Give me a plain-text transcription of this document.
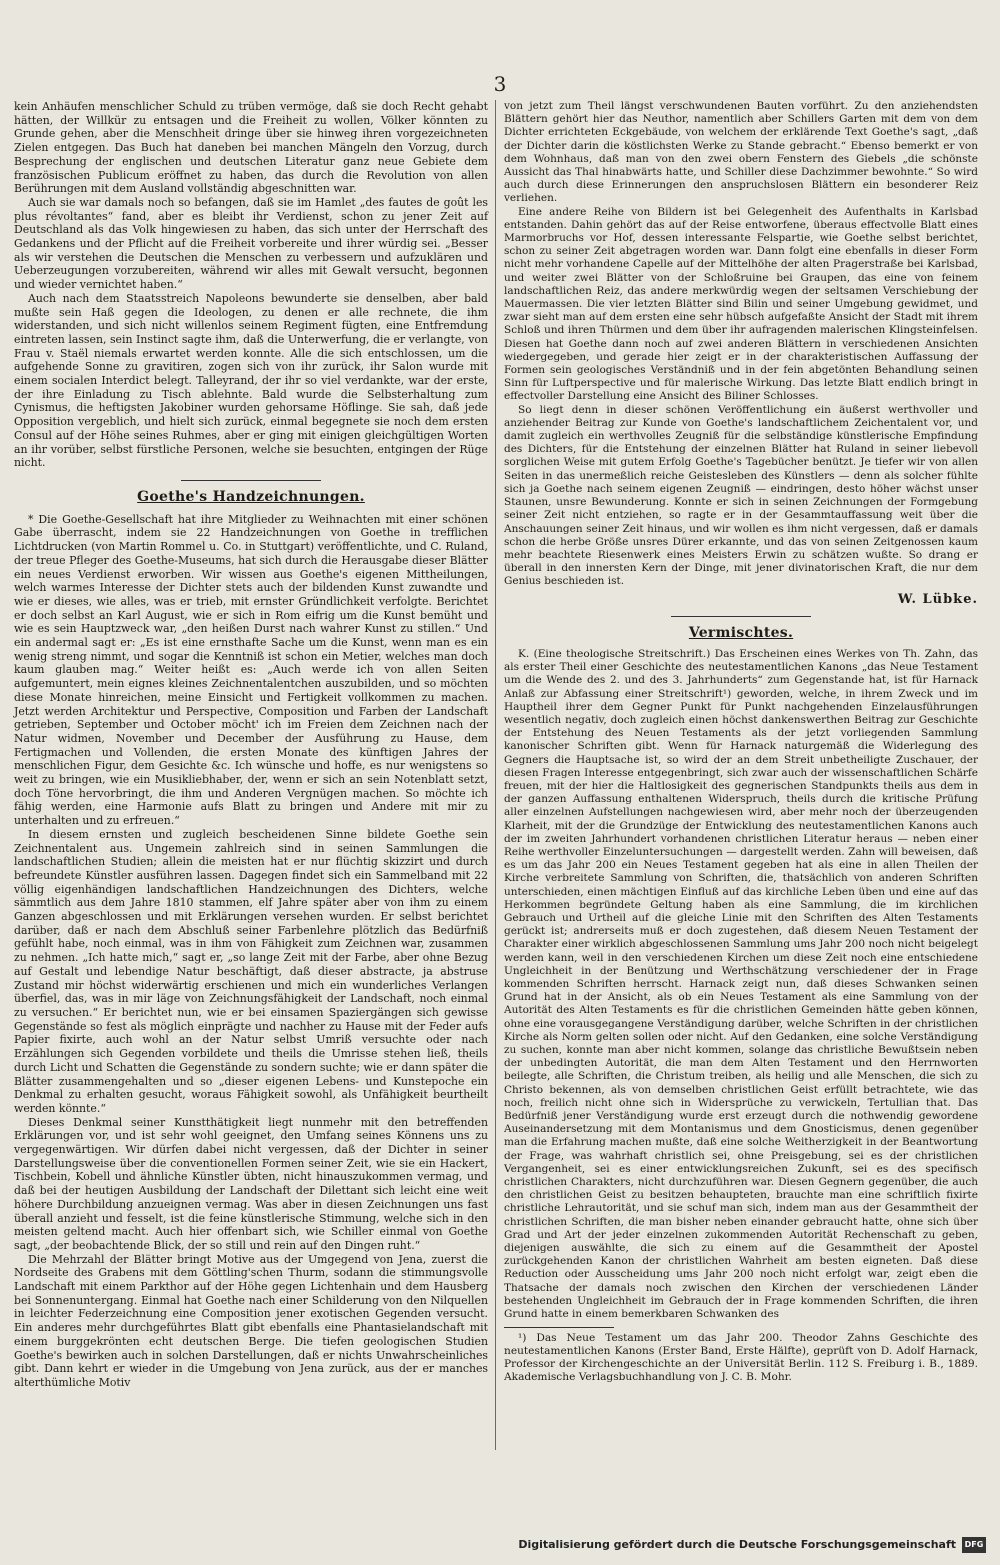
3

kein Anhäufen menschlicher Schuld zu trüben vermöge, daß sie doch Recht gehabt hätten, der Willkür zu entsagen und die Freiheit zu wollen, Völker könnten zu Grunde gehen, aber die Menschheit dringe über sie hinweg ihren vorgezeichneten Zielen entgegen. Das Buch hat daneben bei manchen Mängeln den Vorzug, durch Besprechung der englischen und deutschen Literatur ganz neue Gebiete dem französischen Publicum eröffnet zu haben, das durch die Revolution von allen Berührungen mit dem Ausland vollständig abgeschnitten war.

Auch sie war damals noch so befangen, daß sie im Hamlet „des fautes de goût les plus révoltantes“ fand, aber es bleibt ihr Verdienst, schon zu jener Zeit auf Deutschland als das Volk hingewiesen zu haben, das sich unter der Herrschaft des Gedankens und der Pflicht auf die Freiheit vorbereite und ihrer würdig sei. „Besser als wir verstehen die Deutschen die Menschen zu verbessern und aufzuklären und Ueberzeugungen vorzubereiten, während wir alles mit Gewalt versucht, begonnen und wieder vernichtet haben.“

Auch nach dem Staatsstreich Napoleons bewunderte sie denselben, aber bald mußte sein Haß gegen die Ideologen, zu denen er alle rechnete, die ihm widerstanden, und sich nicht willenlos seinem Regiment fügten, eine Entfremdung eintreten lassen, sein Instinct sagte ihm, daß die Unterwerfung, die er verlangte, von Frau v. Staël niemals erwartet werden konnte. Alle die sich entschlossen, um die aufgehende Sonne zu gravitiren, zogen sich von ihr zurück, ihr Salon wurde mit einem socialen Interdict belegt. Talleyrand, der ihr so viel verdankte, war der erste, der ihre Einladung zu Tisch ablehnte. Bald wurde die Selbsterhaltung zum Cynismus, die heftigsten Jakobiner wurden gehorsame Höflinge. Sie sah, daß jede Opposition vergeblich, und hielt sich zurück, einmal begegnete sie noch dem ersten Consul auf der Höhe seines Ruhmes, aber er ging mit einigen gleichgültigen Worten an ihr vorüber, selbst fürstliche Personen, welche sie besuchten, entgingen der Rüge nicht.

Goethe's Handzeichnungen.

* Die Goethe-Gesellschaft hat ihre Mitglieder zu Weihnachten mit einer schönen Gabe überrascht, indem sie 22 Handzeichnungen von Goethe in trefflichen Lichtdrucken (von Martin Rommel u. Co. in Stuttgart) veröffentlichte, und C. Ruland, der treue Pfleger des Goethe-Museums, hat sich durch die Herausgabe dieser Blätter ein neues Verdienst erworben. Wir wissen aus Goethe's eigenen Mittheilungen, welch warmes Interesse der Dichter stets auch der bildenden Kunst zuwandte und wie er dieses, wie alles, was er trieb, mit ernster Gründlichkeit verfolgte. Berichtet er doch selbst an Karl August, wie er sich in Rom eifrig um die Kunst bemüht und wie es sein Hauptzweck war, „den heißen Durst nach wahrer Kunst zu stillen.“ Und ein andermal sagt er: „Es ist eine ernsthafte Sache um die Kunst, wenn man es ein wenig streng nimmt, und sogar die Kenntniß ist schon ein Metier, welches man doch kaum glauben mag.“ Weiter heißt es: „Auch werde ich von allen Seiten aufgemuntert, mein eignes kleines Zeichnentalentchen auszubilden, und so möchten diese Monate hinreichen, meine Einsicht und Fertigkeit vollkommen zu machen. Jetzt werden Architektur und Perspective, Composition und Farben der Landschaft getrieben, September und October möcht' ich im Freien dem Zeichnen nach der Natur widmen, November und December der Ausführung zu Hause, dem Fertigmachen und Vollenden, die ersten Monate des künftigen Jahres der menschlichen Figur, dem Gesichte &c. Ich wünsche und hoffe, es nur wenigstens so weit zu bringen, wie ein Musikliebhaber, der, wenn er sich an sein Notenblatt setzt, doch Töne hervorbringt, die ihm und Anderen Vergnügen machen. So möchte ich fähig werden, eine Harmonie aufs Blatt zu bringen und Andere mit mir zu unterhalten und zu erfreuen.“

In diesem ernsten und zugleich bescheidenen Sinne bildete Goethe sein Zeichnentalent aus. Ungemein zahlreich sind in seinen Sammlungen die landschaftlichen Studien; allein die meisten hat er nur flüchtig skizzirt und durch befreundete Künstler ausführen lassen. Dagegen findet sich ein Sammelband mit 22 völlig eigenhändigen landschaftlichen Handzeichnungen des Dichters, welche sämmtlich aus dem Jahre 1810 stammen, elf Jahre später aber von ihm zu einem Ganzen abgeschlossen und mit Erklärungen versehen wurden. Er selbst berichtet darüber, daß er nach dem Abschluß seiner Farbenlehre plötzlich das Bedürfniß gefühlt habe, noch einmal, was in ihm von Fähigkeit zum Zeichnen war, zusammen zu nehmen. „Ich hatte mich,“ sagt er, „so lange Zeit mit der Farbe, aber ohne Bezug auf Gestalt und lebendige Natur beschäftigt, daß dieser abstracte, ja abstruse Zustand mir höchst widerwärtig erschienen und mich ein wunderliches Verlangen überfiel, das, was in mir läge von Zeichnungsfähigkeit der Landschaft, noch einmal zu versuchen.“ Er berichtet nun, wie er bei einsamen Spaziergängen sich gewisse Gegenstände so fest als möglich einprägte und nachher zu Hause mit der Feder aufs Papier fixirte, auch wohl an der Natur selbst Umriß versuchte oder nach Erzählungen sich Gegenden vorbildete und theils die Umrisse stehen ließ, theils durch Licht und Schatten die Gegenstände zu sondern suchte; wie er dann später die Blätter zusammengehalten und so „dieser eigenen Lebens- und Kunstepoche ein Denkmal zu erhalten gesucht, woraus Fähigkeit sowohl, als Unfähigkeit beurtheilt werden könnte.“

Dieses Denkmal seiner Kunstthätigkeit liegt nunmehr mit den betreffenden Erklärungen vor, und ist sehr wohl geeignet, den Umfang seines Könnens uns zu vergegenwärtigen. Wir dürfen dabei nicht vergessen, daß der Dichter in seiner Darstellungsweise über die conventionellen Formen seiner Zeit, wie sie ein Hackert, Tischbein, Kobell und ähnliche Künstler übten, nicht hinauszukommen vermag, und daß bei der heutigen Ausbildung der Landschaft der Dilettant sich leicht eine weit höhere Durchbildung anzueignen vermag. Was aber in diesen Zeichnungen uns fast überall anzieht und fesselt, ist die feine künstlerische Stimmung, welche sich in den meisten geltend macht. Auch hier offenbart sich, wie Schiller einmal von Goethe sagt, „der beobachtende Blick, der so still und rein auf den Dingen ruht.“

Die Mehrzahl der Blätter bringt Motive aus der Umgegend von Jena, zuerst die Nordseite des Grabens mit dem Göttling'schen Thurm, sodann die stimmungsvolle Landschaft mit einem Parkthor auf der Höhe gegen Lichtenhain und dem Hausberg bei Sonnenuntergang. Einmal hat Goethe nach einer Schilderung von den Nilquellen in leichter Federzeichnung eine Composition jener exotischen Gegenden versucht. Ein anderes mehr durchgeführtes Blatt gibt ebenfalls eine Phantasielandschaft mit einem burggekrönten echt deutschen Berge. Die tiefen geologischen Studien Goethe's bewirken auch in solchen Darstellungen, daß er nichts Unwahrscheinliches gibt. Dann kehrt er wieder in die Umgebung von Jena zurück, aus der er manches alterthümliche Motiv

von jetzt zum Theil längst verschwundenen Bauten vorführt. Zu den anziehendsten Blättern gehört hier das Neuthor, namentlich aber Schillers Garten mit dem von dem Dichter errichteten Eckgebäude, von welchem der erklärende Text Goethe's sagt, „daß der Dichter darin die köstlichsten Werke zu Stande gebracht.“ Ebenso bemerkt er von dem Wohnhaus, daß man von den zwei obern Fenstern des Giebels „die schönste Aussicht das Thal hinabwärts hatte, und Schiller diese Dachzimmer bewohnte.“ So wird auch durch diese Erinnerungen den anspruchslosen Blättern ein besonderer Reiz verliehen.

Eine andere Reihe von Bildern ist bei Gelegenheit des Aufenthalts in Karlsbad entstanden. Dahin gehört das auf der Reise entworfene, überaus effectvolle Blatt eines Marmorbruchs vor Hof, dessen interessante Felspartie, wie Goethe selbst berichtet, schon zu seiner Zeit abgetragen worden war. Dann folgt eine ebenfalls in dieser Form nicht mehr vorhandene Capelle auf der Mittelhöhe der alten Pragerstraße bei Karlsbad, und weiter zwei Blätter von der Schloßruine bei Graupen, das eine von feinem landschaftlichen Reiz, das andere merkwürdig wegen der seltsamen Verschiebung der Mauermassen. Die vier letzten Blätter sind Bilin und seiner Umgebung gewidmet, und zwar sieht man auf dem ersten eine sehr hübsch aufgefaßte Ansicht der Stadt mit ihrem Schloß und ihren Thürmen und dem über ihr aufragenden malerischen Klingsteinfelsen. Diesen hat Goethe dann noch auf zwei anderen Blättern in verschiedenen Ansichten wiedergegeben, und gerade hier zeigt er in der charakteristischen Auffassung der Formen sein geologisches Verständniß und in der fein abgetönten Behandlung seinen Sinn für Luftperspective und für malerische Wirkung. Das letzte Blatt endlich bringt in effectvoller Darstellung eine Ansicht des Biliner Schlosses.

So liegt denn in dieser schönen Veröffentlichung ein äußerst werthvoller und anziehender Beitrag zur Kunde von Goethe's landschaftlichem Zeichentalent vor, und damit zugleich ein werthvolles Zeugniß für die selbständige künstlerische Empfindung des Dichters, für die Entstehung der einzelnen Blätter hat Ruland in seiner liebevoll sorglichen Weise mit gutem Erfolg Goethe's Tagebücher benützt. Je tiefer wir von allen Seiten in das unermeßlich reiche Geistesleben des Künstlers — denn als solcher fühlte sich ja Goethe nach seinem eigenen Zeugniß — eindringen, desto höher wächst unser Staunen, unsre Bewunderung. Konnte er sich in seinen Zeichnungen der Formgebung seiner Zeit nicht entziehen, so ragte er in der Gesammtauffassung weit über die Anschauungen seiner Zeit hinaus, und wir wollen es ihm nicht vergessen, daß er damals schon die herbe Größe unsres Dürer erkannte, und das von seinen Zeitgenossen kaum mehr beachtete Riesenwerk eines Meisters Erwin zu schätzen wußte. So drang er überall in den innersten Kern der Dinge, mit jener divinatorischen Kraft, die nur dem Genius beschieden ist.

W. Lübke.
Vermischtes.

K. (Eine theologische Streitschrift.) Das Erscheinen eines Werkes von Th. Zahn, das als erster Theil einer Geschichte des neutestamentlichen Kanons „das Neue Testament um die Wende des 2. und des 3. Jahrhunderts“ zum Gegenstande hat, ist für Harnack Anlaß zur Abfassung einer Streitschrift¹) geworden, welche, in ihrem Zweck und im Hauptheil ihrer dem Gegner Punkt für Punkt nachgehenden Einzelausführungen wesentlich negativ, doch zugleich einen höchst dankenswerthen Beitrag zur Geschichte der Entstehung des Neuen Testaments als der jetzt vorliegenden Sammlung kanonischer Schriften gibt. Wenn für Harnack naturgemäß die Widerlegung des Gegners die Hauptsache ist, so wird der an dem Streit unbetheiligte Zuschauer, der diesen Fragen Interesse entgegenbringt, sich zwar auch der wissenschaftlichen Schärfe freuen, mit der hier die Haltlosigkeit des gegnerischen Standpunkts theils aus dem in der ganzen Auffassung enthaltenen Widerspruch, theils durch die kritische Prüfung aller einzelnen Aufstellungen nachgewiesen wird, aber mehr noch der überzeugenden Klarheit, mit der die Grundzüge der Entwicklung des neutestamentlichen Kanons auch der im zweiten Jahrhundert vorhandenen christlichen Literatur heraus — neben einer Reihe werthvoller Einzeluntersuchungen — dargestellt werden. Zahn will beweisen, daß es um das Jahr 200 ein Neues Testament gegeben hat als eine in allen Theilen der Kirche verbreitete Sammlung von Schriften, die, thatsächlich von anderen Schriften unterschieden, einen mächtigen Einfluß auf das kirchliche Leben üben und eine auf das Herkommen begründete Geltung haben als eine Sammlung, die im kirchlichen Gebrauch und Urtheil auf die gleiche Linie mit den Schriften des Alten Testaments gerückt ist; andrerseits muß er doch zugestehen, daß diesem Neuen Testament der Charakter einer wirklich abgeschlossenen Sammlung ums Jahr 200 noch nicht beigelegt werden kann, weil in den verschiedenen Kirchen um diese Zeit noch eine entschiedene Ungleichheit in der Benützung und Werthschätzung verschiedener der in Frage kommenden Schriften herrscht. Harnack zeigt nun, daß dieses Schwanken seinen Grund hat in der Ansicht, als ob ein Neues Testament als eine Sammlung von der Autorität des Alten Testaments es für die christlichen Gemeinden hätte geben können, ohne eine vorausgegangene Verständigung darüber, welche Schriften in der christlichen Kirche als Norm gelten sollen oder nicht. Auf den Gedanken, eine solche Verständigung zu suchen, konnte man aber nicht kommen, solange das christliche Bewußtsein neben der unbedingten Autorität, die man dem Alten Testament und den Herrnworten beilegte, alle Schriften, die Christum treiben, als heilig und alle Menschen, die sich zu Christo bekennen, als von demselben christlichen Geist erfüllt betrachtete, wie das noch, freilich nicht ohne sich in Widersprüche zu verwickeln, Tertullian that. Das Bedürfniß jener Verständigung wurde erst erzeugt durch die nothwendig gewordene Auseinandersetzung mit dem Montanismus und dem Gnosticismus, denen gegenüber man die Erfahrung machen mußte, daß eine solche Weitherzigkeit in der Beantwortung der Frage, was wahrhaft christlich sei, ohne Preisgebung, sei es der christlichen Vergangenheit, sei es einer entwicklungsreichen Zukunft, sei es des specifisch christlichen Charakters, nicht durchzuführen war. Diesen Gegnern gegenüber, die auch den christlichen Geist zu besitzen behaupteten, brauchte man eine schriftlich fixirte christliche Lehrautorität, und sie schuf man sich, indem man aus der Gesammtheit der christlichen Schriften, die man bisher neben einander gebraucht hatte, ohne sich über Grad und Art der jeder einzelnen zukommenden Autorität Rechenschaft zu geben, diejenigen auswählte, die sich zu einem auf die Gesammtheit der Apostel zurückgehenden Kanon der christlichen Wahrheit am besten eigneten. Daß diese Reduction oder Ausscheidung ums Jahr 200 noch nicht erfolgt war, zeigt eben die Thatsache der damals noch zwischen den Kirchen der verschiedenen Länder bestehenden Ungleichheit im Gebrauch der in Frage kommenden Schriften, die ihren Grund hatte in einem bemerkbaren Schwanken des

¹) Das Neue Testament um das Jahr 200. Theodor Zahns Geschichte des neutestamentlichen Kanons (Erster Band, Erste Hälfte), geprüft von D. Adolf Harnack, Professor der Kirchengeschichte an der Universität Berlin. 112 S. Freiburg i. B., 1889. Akademische Verlagsbuchhandlung von J. C. B. Mohr.

Digitalisierung gefördert durch die Deutsche Forschungsgemeinschaft	DFG
